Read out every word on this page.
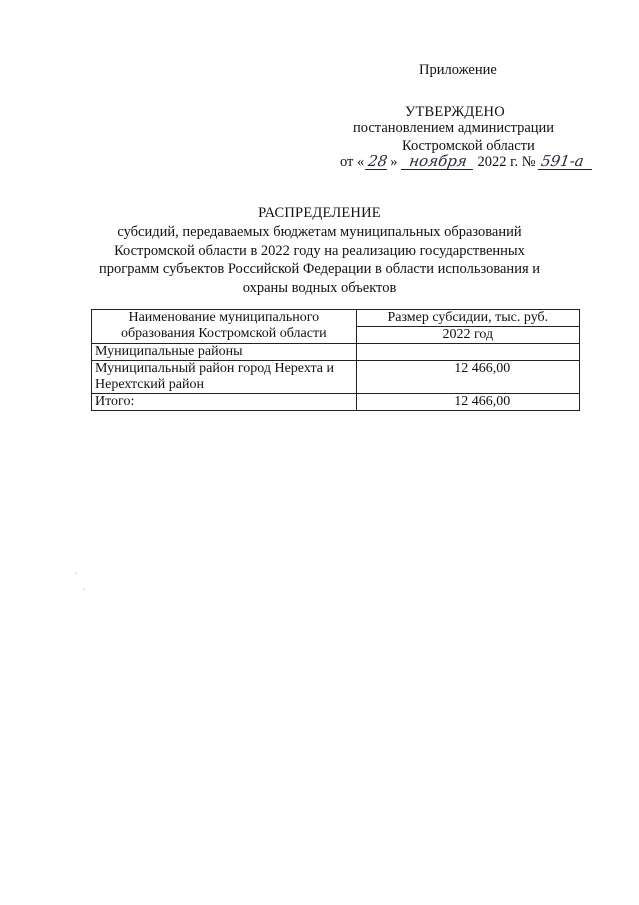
Приложение
УТВЕРЖДЕНО
постановлением администрации
Костромской области
от « 28 » ноября 2022 г. № 591-а
РАСПРЕДЕЛЕНИЕ
субсидий, передаваемых бюджетам муниципальных образований
Костромской области в 2022 году на реализацию государственных
программ субъектов Российской Федерации в области использования и
охраны водных объектов
Наименование муниципального
образования Костромской области	Размер субсидии, тыс. руб.
	2022 год
Муниципальные районы	

Муниципальный район город Нерехта и
Нерехтский район	12 466,00
Итого:	12 466,00
